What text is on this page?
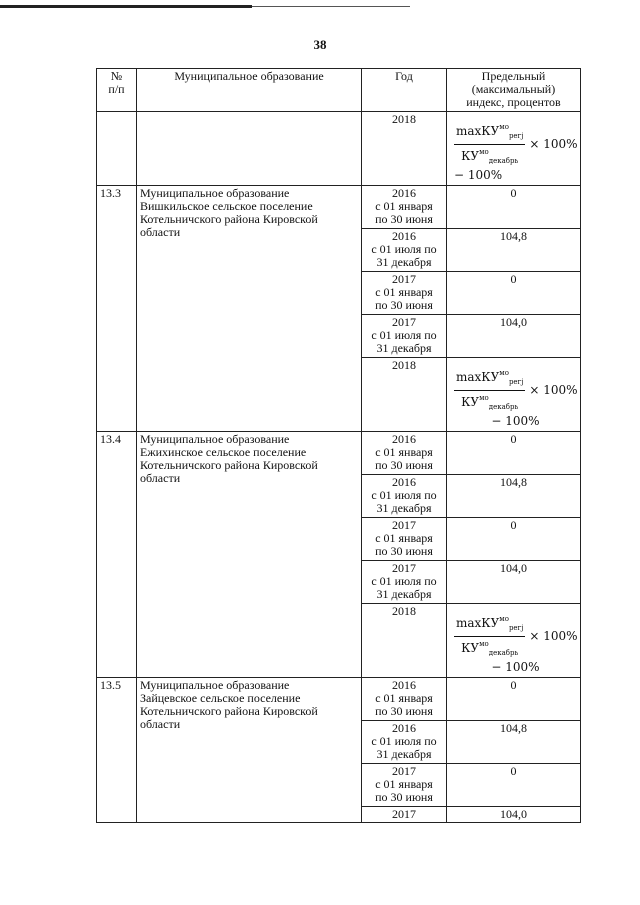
38
№
п/п	Муниципальное образование	Год	Предельный
(максимальный)
индекс, процентов

		2018	$\frac{\max КУ^{мо}_{peгj}}{КУ^{мо}_{декабрь}} \times 100\%$
− 100%

13.3	Муниципальное образование
Вишкильское сельское поселение
Котельничского района Кировской
области	2016
с 01 января
по 30 июня	0

		2016
с 01 июля по
31 декабря	104,8

		2017
с 01 января
по 30 июня	0

		2017
с 01 июля по
31 декабря	104,0

		2018	$\frac{\max КУ^{мо}_{peгj}}{КУ^{мо}_{декабрь}} \times 100\%$
− 100%

13.4	Муниципальное образование
Ежихинское сельское поселение
Котельничского района Кировской
области	2016
с 01 января
по 30 июня	0

		2016
с 01 июля по
31 декабря	104,8

		2017
с 01 января
по 30 июня	0

		2017
с 01 июля по
31 декабря	104,0

		2018	$\frac{\max КУ^{мо}_{peгj}}{КУ^{мо}_{декабрь}} \times 100\%$
− 100%

13.5	Муниципальное образование
Зайцевское сельское поселение
Котельничского района Кировской
области	2016
с 01 января
по 30 июня	0

		2016
с 01 июля по
31 декабря	104,8

		2017
с 01 января
по 30 июня	0

		2017	104,0
